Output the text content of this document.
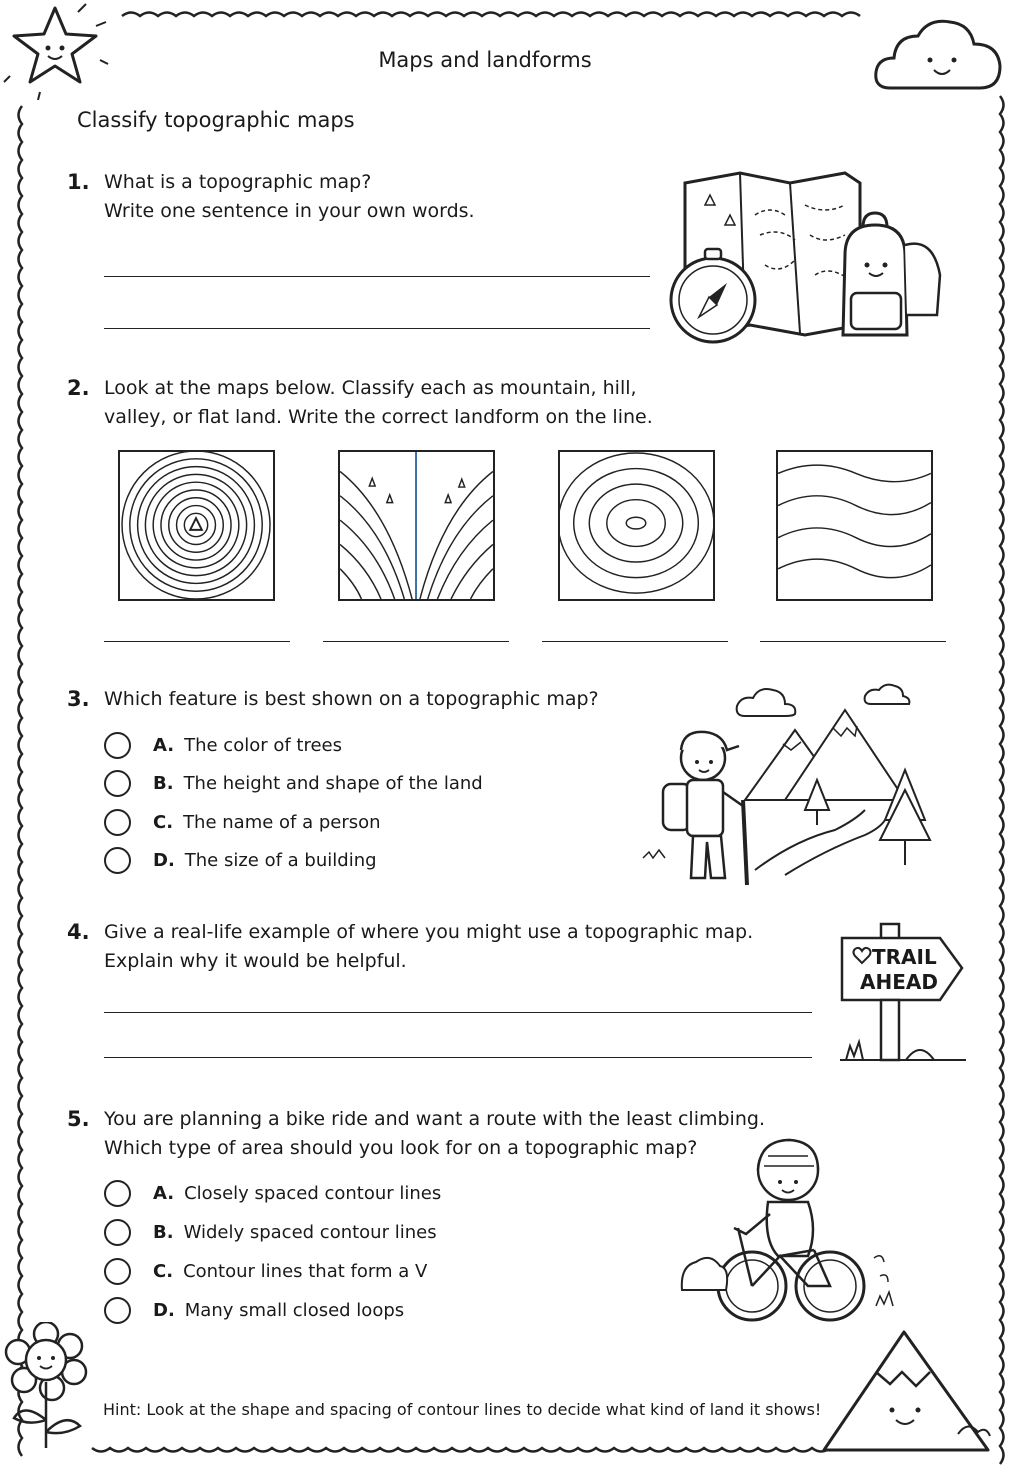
Maps and landforms
Classify topographic maps
1. What is a topographic map?
Write one sentence in your own words.
2. Look at the maps below. Classify each as mountain, hill,
valley, or flat land. Write the correct landform on the line.
3. Which feature is best shown on a topographic map?
A. The color of trees
B. The height and shape of the land
C. The name of a person
D. The size of a building
4. Give a real-life example of where you might use a topographic map.
Explain why it would be helpful.	TRAIL
AHEAD
5. You are planning a bike ride and want a route with the least climbing.
Which type of area should you look for on a topographic map?
A. Closely spaced contour lines
B. Widely spaced contour lines
C. Contour lines that form a V
D. Many small closed loops
Hint: Look at the shape and spacing of contour lines to decide what kind of land it shows!
